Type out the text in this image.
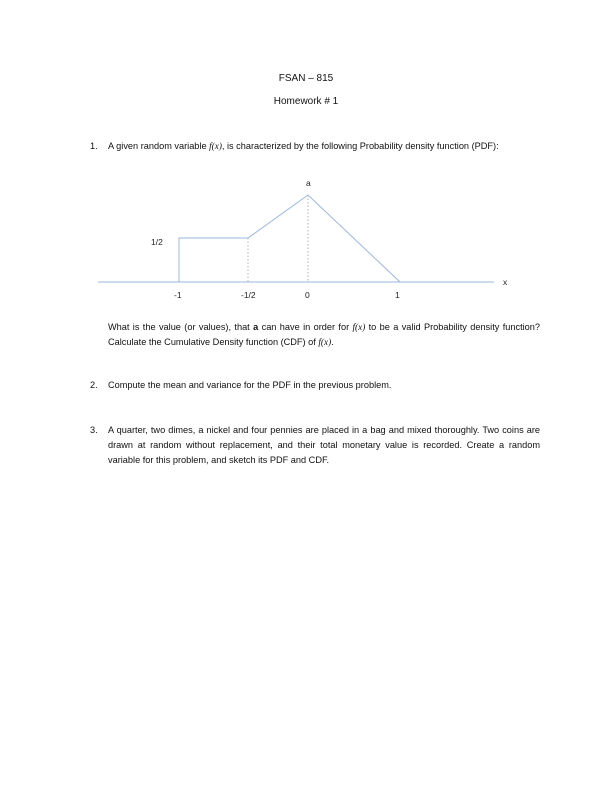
FSAN – 815
Homework # 1
1. A given random variable f(x), is characterized by the following Probability density function (PDF):
a
1/2
x
-1	-1/2	0	1
What is the value (or values), that a can have in order for f(x) to be a valid Probability density function? Calculate the Cumulative Density function (CDF) of f(x).
2. Compute the mean and variance for the PDF in the previous problem.
3. A quarter, two dimes, a nickel and four pennies are placed in a bag and mixed thoroughly. Two coins are drawn at random without replacement, and their total monetary value is recorded. Create a random variable for this problem, and sketch its PDF and CDF.
